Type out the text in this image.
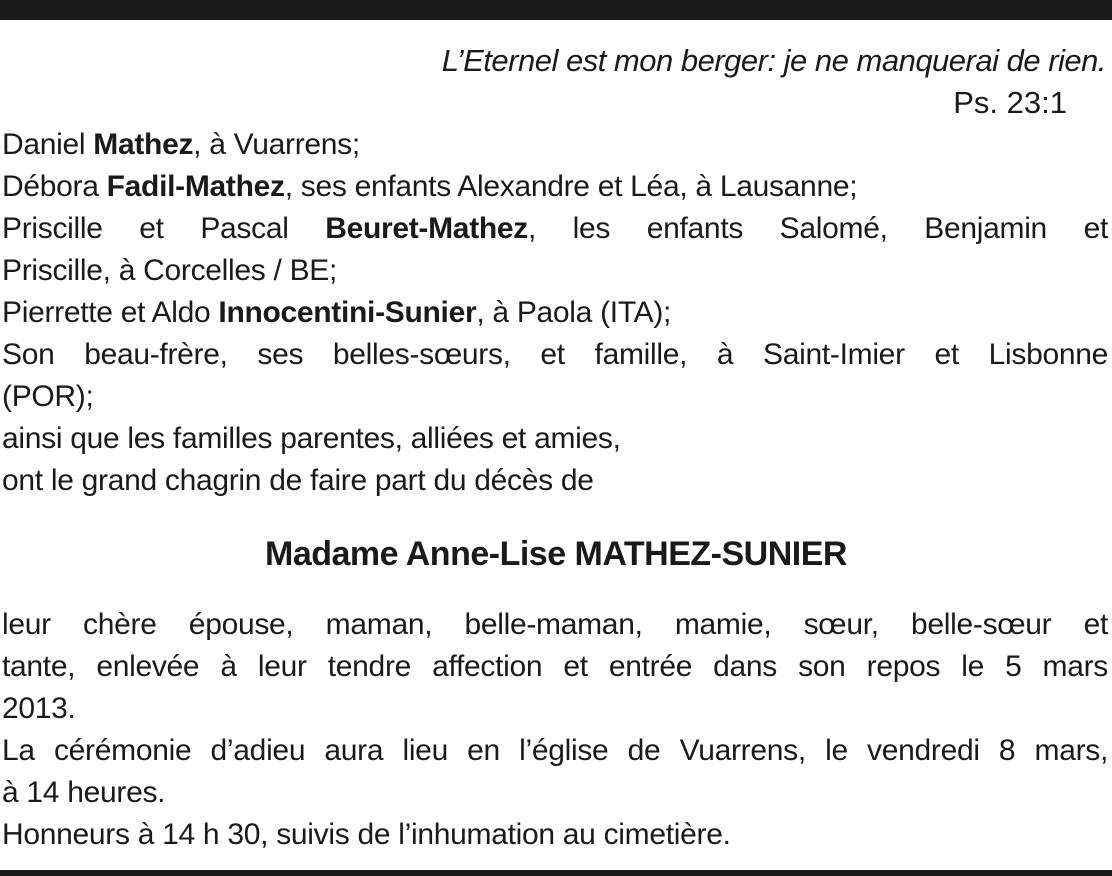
L’Eternel est mon berger: je ne manquerai de rien.
Ps. 23:1
Daniel Mathez, à Vuarrens;
Débora Fadil-Mathez, ses enfants Alexandre et Léa, à Lausanne;
Priscille et Pascal Beuret-Mathez, les enfants Salomé, Benjamin et
Priscille, à Corcelles / BE;
Pierrette et Aldo Innocentini-Sunier, à Paola (ITA);
Son beau-frère, ses belles-sœurs, et famille, à Saint-Imier et Lisbonne
(POR);
ainsi que les familles parentes, alliées et amies,
ont le grand chagrin de faire part du décès de
Madame Anne-Lise MATHEZ-SUNIER
leur chère épouse, maman, belle-maman, mamie, sœur, belle-sœur et
tante, enlevée à leur tendre affection et entrée dans son repos le 5 mars
2013.
La cérémonie d’adieu aura lieu en l’église de Vuarrens, le vendredi 8 mars,
à 14 heures.
Honneurs à 14 h 30, suivis de l’inhumation au cimetière.
